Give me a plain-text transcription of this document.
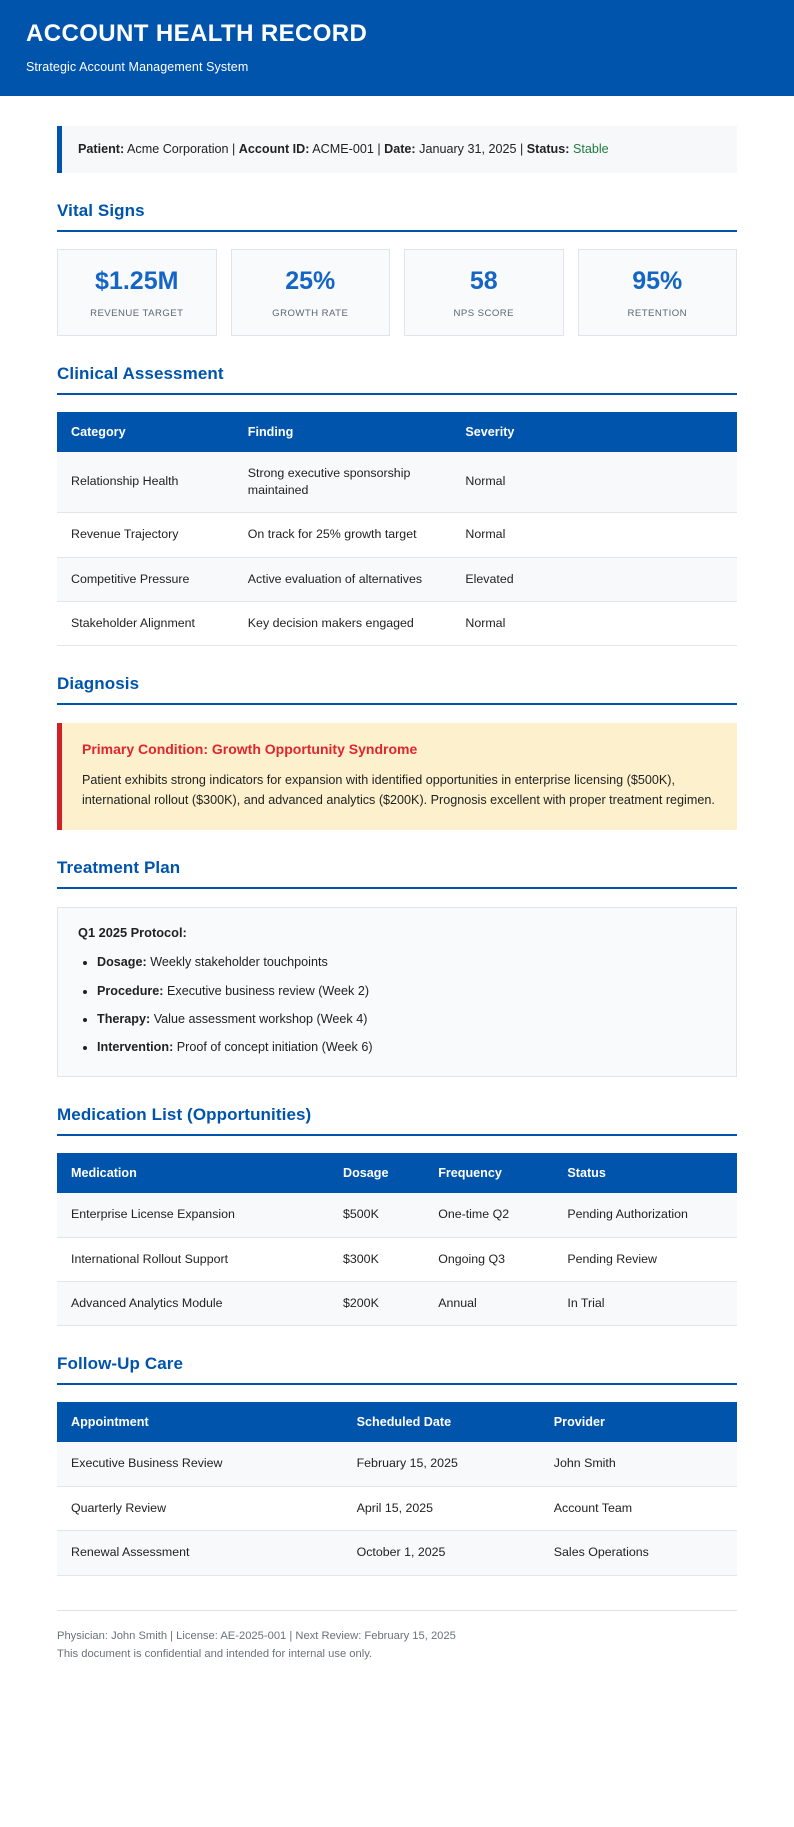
ACCOUNT HEALTH RECORD
Strategic Account Management System
Patient: Acme Corporation | Account ID: ACME-001 | Date: January 31, 2025 | Status: Stable
Vital Signs
$1.25M
REVENUE TARGET
25%
GROWTH RATE
58
NPS SCORE
95%
RETENTION
Clinical Assessment
Category	Finding	Severity
Relationship Health	Strong executive sponsorship maintained	Normal
Revenue Trajectory	On track for 25% growth target	Normal
Competitive Pressure	Active evaluation of alternatives	Elevated
Stakeholder Alignment	Key decision makers engaged	Normal
Diagnosis
Primary Condition: Growth Opportunity Syndrome
Patient exhibits strong indicators for expansion with identified opportunities in enterprise licensing ($500K), international rollout ($300K), and advanced analytics ($200K). Prognosis excellent with proper treatment regimen.
Treatment Plan
Q1 2025 Protocol:
• Dosage: Weekly stakeholder touchpoints
• Procedure: Executive business review (Week 2)
• Therapy: Value assessment workshop (Week 4)
• Intervention: Proof of concept initiation (Week 6)
Medication List (Opportunities)
Medication	Dosage	Frequency	Status
Enterprise License Expansion	$500K	One-time Q2	Pending Authorization
International Rollout Support	$300K	Ongoing Q3	Pending Review
Advanced Analytics Module	$200K	Annual	In Trial
Follow-Up Care
Appointment	Scheduled Date	Provider
Executive Business Review	February 15, 2025	John Smith
Quarterly Review	April 15, 2025	Account Team
Renewal Assessment	October 1, 2025	Sales Operations
Physician: John Smith | License: AE-2025-001 | Next Review: February 15, 2025
This document is confidential and intended for internal use only.
